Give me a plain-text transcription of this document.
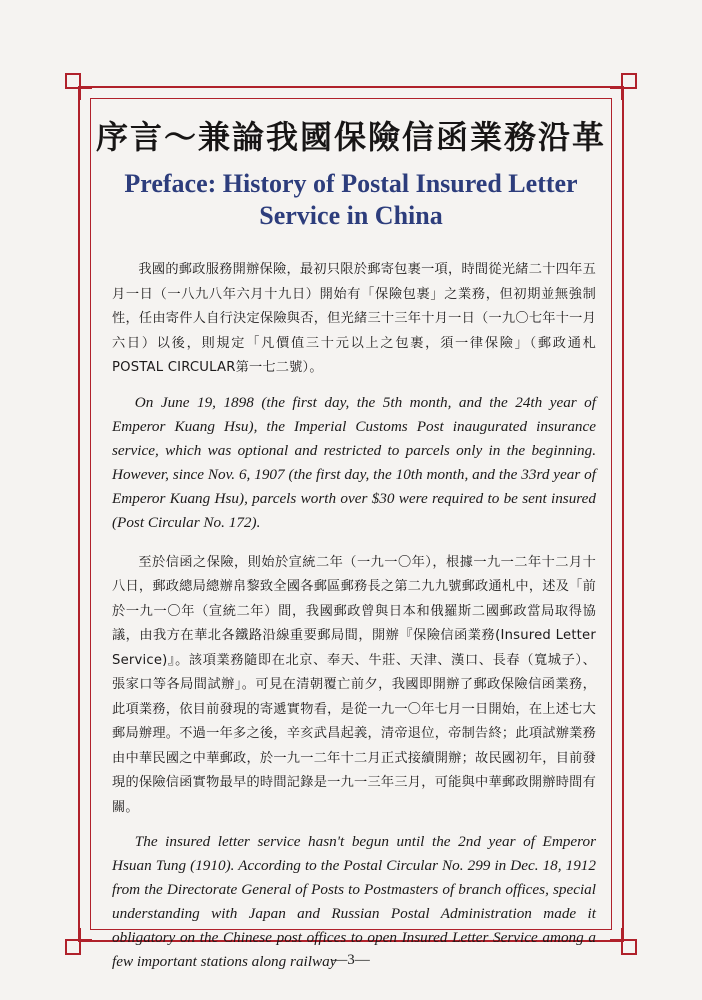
序言～兼論我國保險信函業務沿革
Preface: History of Postal Insured Letter
Service in China

我國的郵政服務開辦保險，最初只限於郵寄包裹一項，時間從光緒二十四年五月一日（一八九八年六月十九日）開始有「保險包裹」之業務，但初期並無強制性，任由寄件人自行決定保險與否，但光緒三十三年十月一日（一九〇七年十一月六日）以後，則規定「凡價值三十元以上之包裹，須一律保險」（郵政通札POSTAL CIRCULAR第一七二號）。

On June 19, 1898 (the first day, the 5th month, and the 24th year of Emperor Kuang Hsu), the Imperial Customs Post inaugurated insurance service, which was optional and restricted to parcels only in the beginning. However, since Nov. 6, 1907 (the first day, the 10th month, and the 33rd year of Emperor Kuang Hsu), parcels worth over $30 were required to be sent insured (Post Circular No. 172).

至於信函之保險，則始於宣統二年（一九一〇年），根據一九一二年十二月十八日，郵政總局總辦帛黎致全國各郵區郵務長之第二九九號郵政通札中，述及「前於一九一〇年（宣統二年）間，我國郵政曾與日本和俄羅斯二國郵政當局取得協議，由我方在華北各鐵路沿線重要郵局間，開辦『保險信函業務(Insured Letter Service)』。該項業務隨即在北京、奉天、牛莊、天津、漢口、長春（寬城子）、張家口等各局間試辦」。可見在清朝覆亡前夕，我國即開辦了郵政保險信函業務，此項業務，依目前發現的寄遞實物看，是從一九一〇年七月一日開始，在上述七大郵局辦理。不過一年多之後，辛亥武昌起義，清帝退位，帝制告終；此項試辦業務由中華民國之中華郵政，於一九一二年十二月正式接續開辦；故民國初年，目前發現的保險信函實物最早的時間記錄是一九一三年三月，可能與中華郵政開辦時間有關。

The insured letter service hasn't begun until the 2nd year of Emperor Hsuan Tung (1910). According to the Postal Circular No. 299 in Dec. 18, 1912 from the Directorate General of Posts to Postmasters of branch offices, special understanding with Japan and Russian Postal Administration made it obligatory on the Chinese post offices to open Insured Letter Service among a few important stations along railway

—3—
